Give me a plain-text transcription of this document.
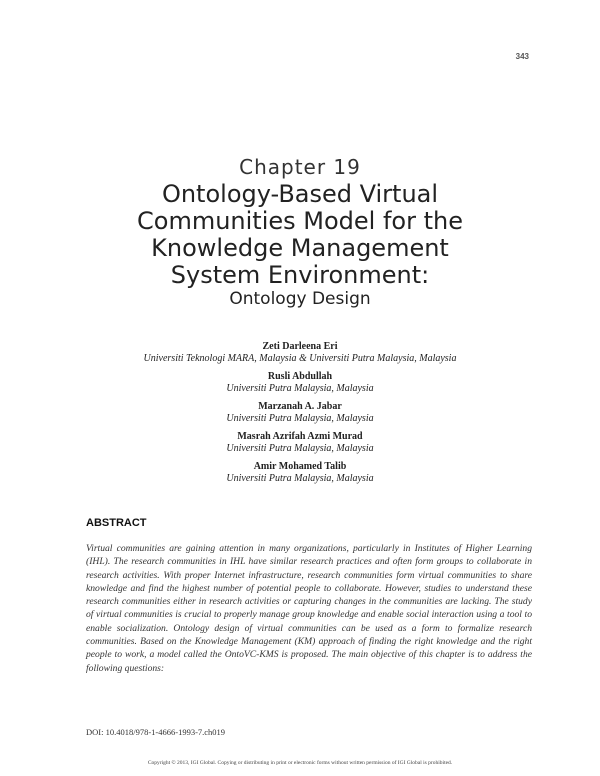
343
Chapter 19
Ontology-Based Virtual
Communities Model for the
Knowledge Management
System Environment:
Ontology Design
Zeti Darleena Eri
Universiti Teknologi MARA, Malaysia & Universiti Putra Malaysia, Malaysia
Rusli Abdullah
Universiti Putra Malaysia, Malaysia
Marzanah A. Jabar
Universiti Putra Malaysia, Malaysia
Masrah Azrifah Azmi Murad
Universiti Putra Malaysia, Malaysia
Amir Mohamed Talib
Universiti Putra Malaysia, Malaysia
ABSTRACT
Virtual communities are gaining attention in many organizations, particularly in Institutes of Higher Learning (IHL). The research communities in IHL have similar research practices and often form groups to collaborate in research activities. With proper Internet infrastructure, research communities form virtual communities to share knowledge and find the highest number of potential people to collaborate. However, studies to understand these research communities either in research activities or capturing changes in the communities are lacking. The study of virtual communities is crucial to properly manage group knowledge and enable social interaction using a tool to enable socialization. Ontology design of virtual communities can be used as a form to formalize research communities. Based on the Knowledge Management (KM) approach of finding the right knowledge and the right people to work, a model called the OntoVC-KMS is proposed. The main objective of this chapter is to address the following questions:
DOI: 10.4018/978-1-4666-1993-7.ch019
Copyright © 2013, IGI Global. Copying or distributing in print or electronic forms without written permission of IGI Global is prohibited.
